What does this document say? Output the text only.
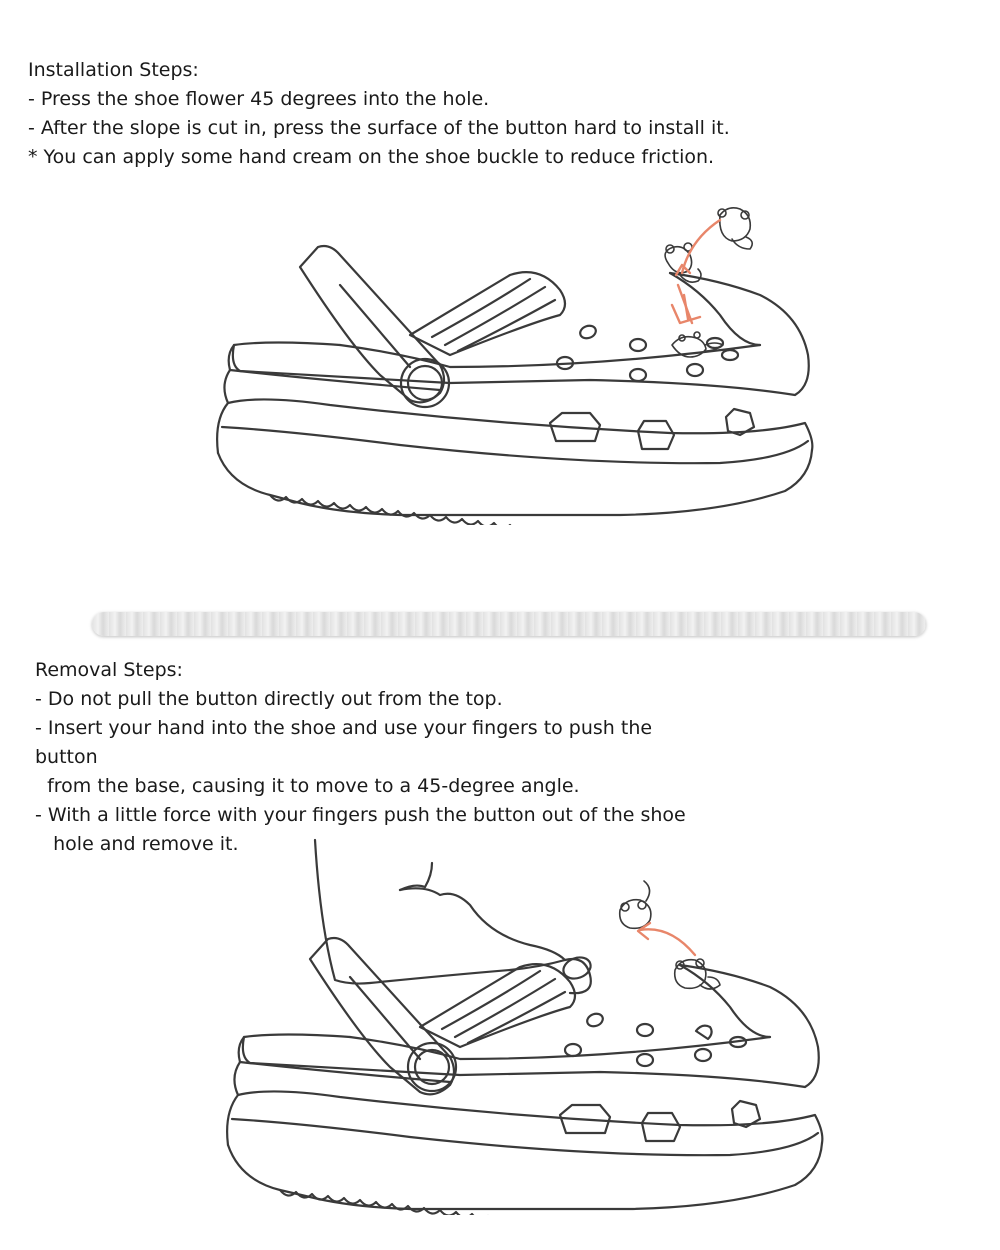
Installation Steps:

- Press the shoe flower 45 degrees into the hole.

- After the slope is cut in, press the surface of the button hard to install it.

* You can apply some hand cream on the shoe buckle to reduce friction.

Removal Steps:

- Do not pull the button directly out from the top.

- Insert your hand into the shoe and use your fingers to push the

button

from the base, causing it to move to a 45-degree angle.

- With a little force with your fingers push the button out of the shoe

hole and remove it.
